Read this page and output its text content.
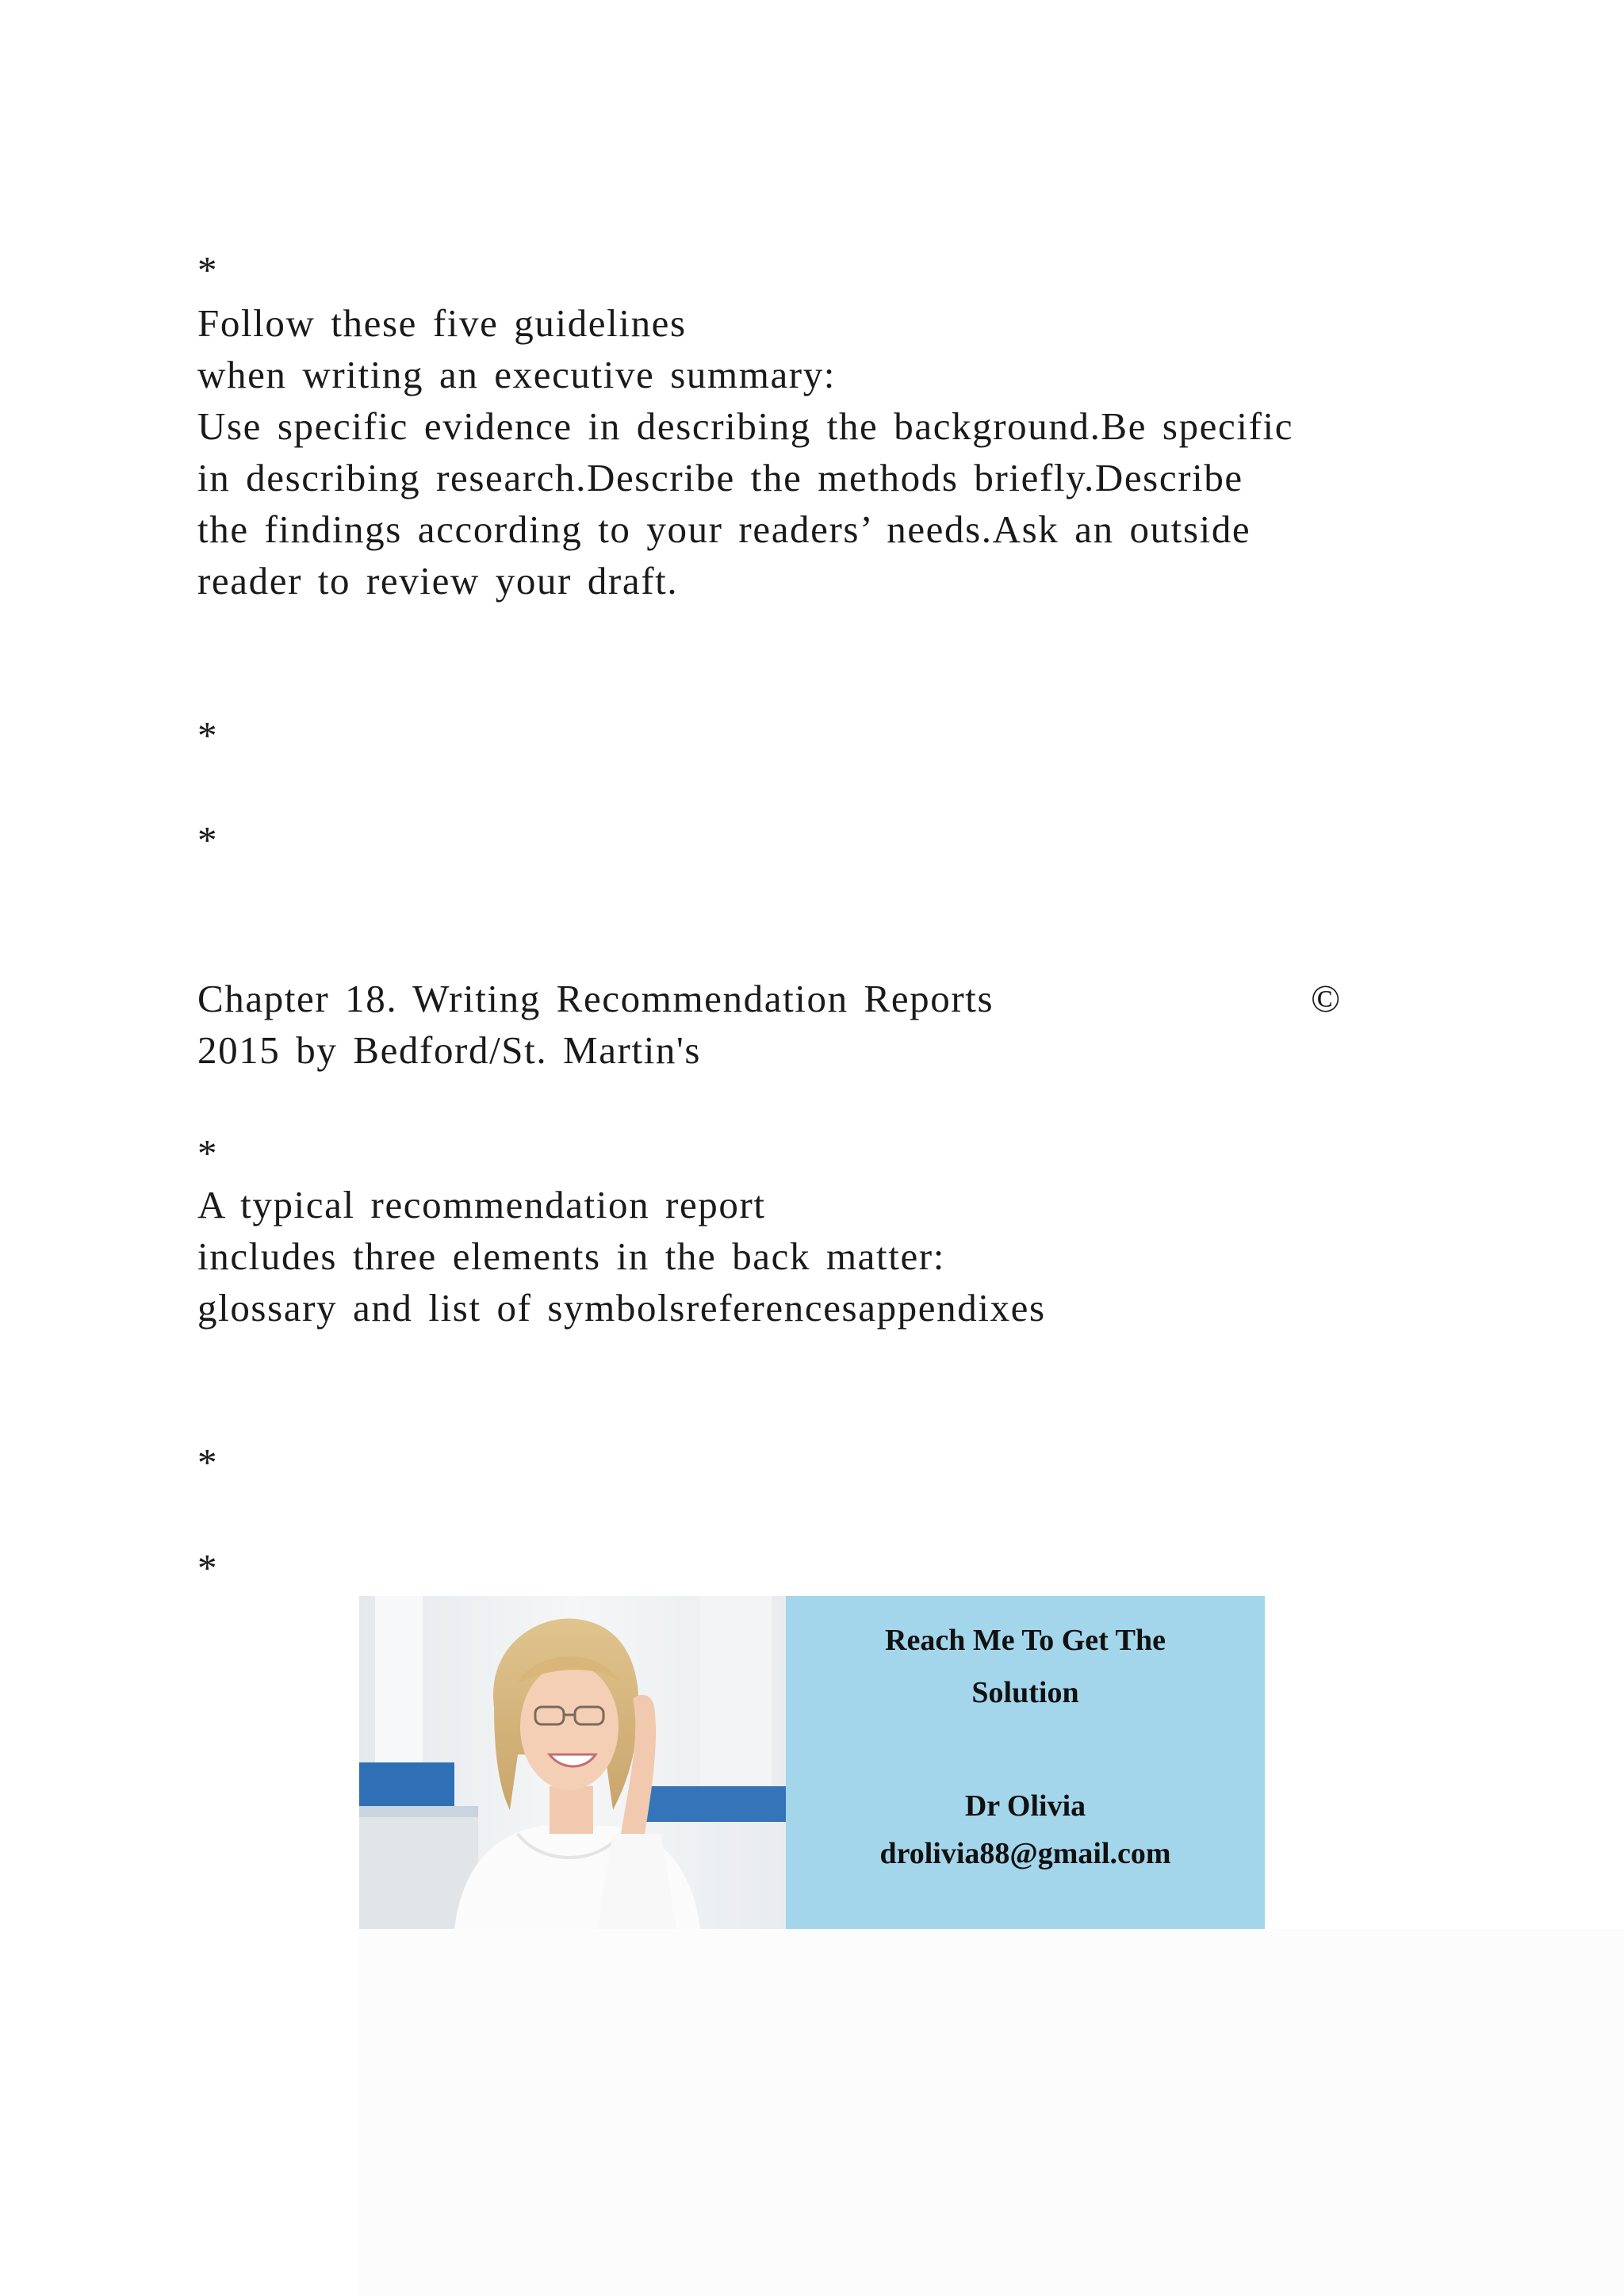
*
Follow these five guidelines
when writing an executive summary:
Use specific evidence in describing the background.Be specific
in describing research.Describe the methods briefly.Describe
the findings according to your readers’ needs.Ask an outside
reader to review your draft.
*
*
Chapter 18. Writing Recommendation Reports	©
2015 by Bedford/St. Martin's
*
A typical recommendation report
includes three elements in the back matter:
glossary and list of symbolsreferencesappendixes
*
*
Reach Me To Get The
Solution
Dr Olivia
drolivia88@gmail.com
